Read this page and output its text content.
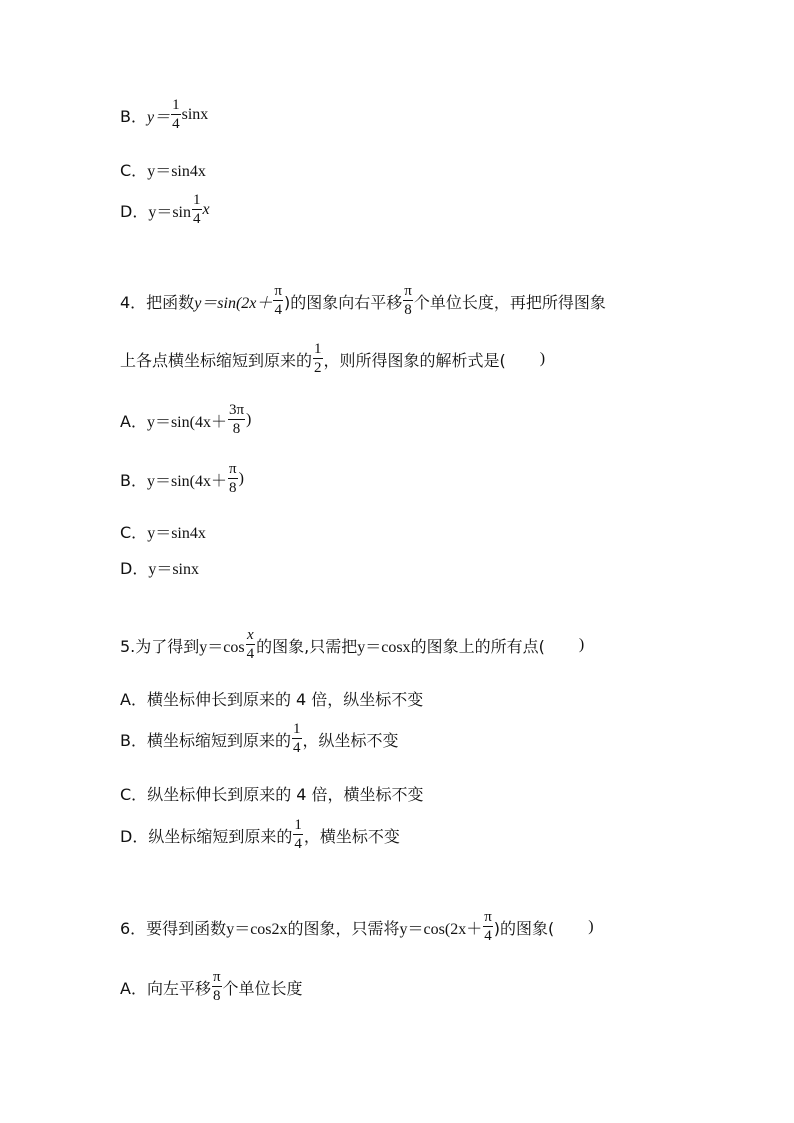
B． $y= \frac{1}{4}$ sinx
C． y＝sin4x
D． $y=\sin \frac{1}{4}$ x
4．把函数 $y=\sin(2x+ \frac{\pi}{4}$ )的图象向右平移 $\frac{\pi}{8}$ 个单位长度，再把所得图象
上各点横坐标缩短到原来的 $\frac{1}{2}$ ，则所得图象的解析式是( )
A． $y=\sin(4x+ \frac{3\pi}{8}$ )
B． $y=\sin(4x+ \frac{\pi}{8}$ )
C． y＝sin4x
D． y＝sinx
5.为了得到 $y=\cos \frac{x}{4}$ 的图象,只需把 y＝cosx 的图象上的所有点( )
A． 横坐标伸长到原来的 4 倍，纵坐标不变
B． 横坐标缩短到原来的 $\frac{1}{4}$ ，纵坐标不变
C． 纵坐标伸长到原来的 4 倍，横坐标不变
D． 纵坐标缩短到原来的 $\frac{1}{4}$ ，横坐标不变
6．要得到函数 y＝cos2x 的图象，只需将 $y=\cos(2x+ \frac{\pi}{4}$ )的图象( )
A． 向左平移 $\frac{\pi}{8}$ 个单位长度
